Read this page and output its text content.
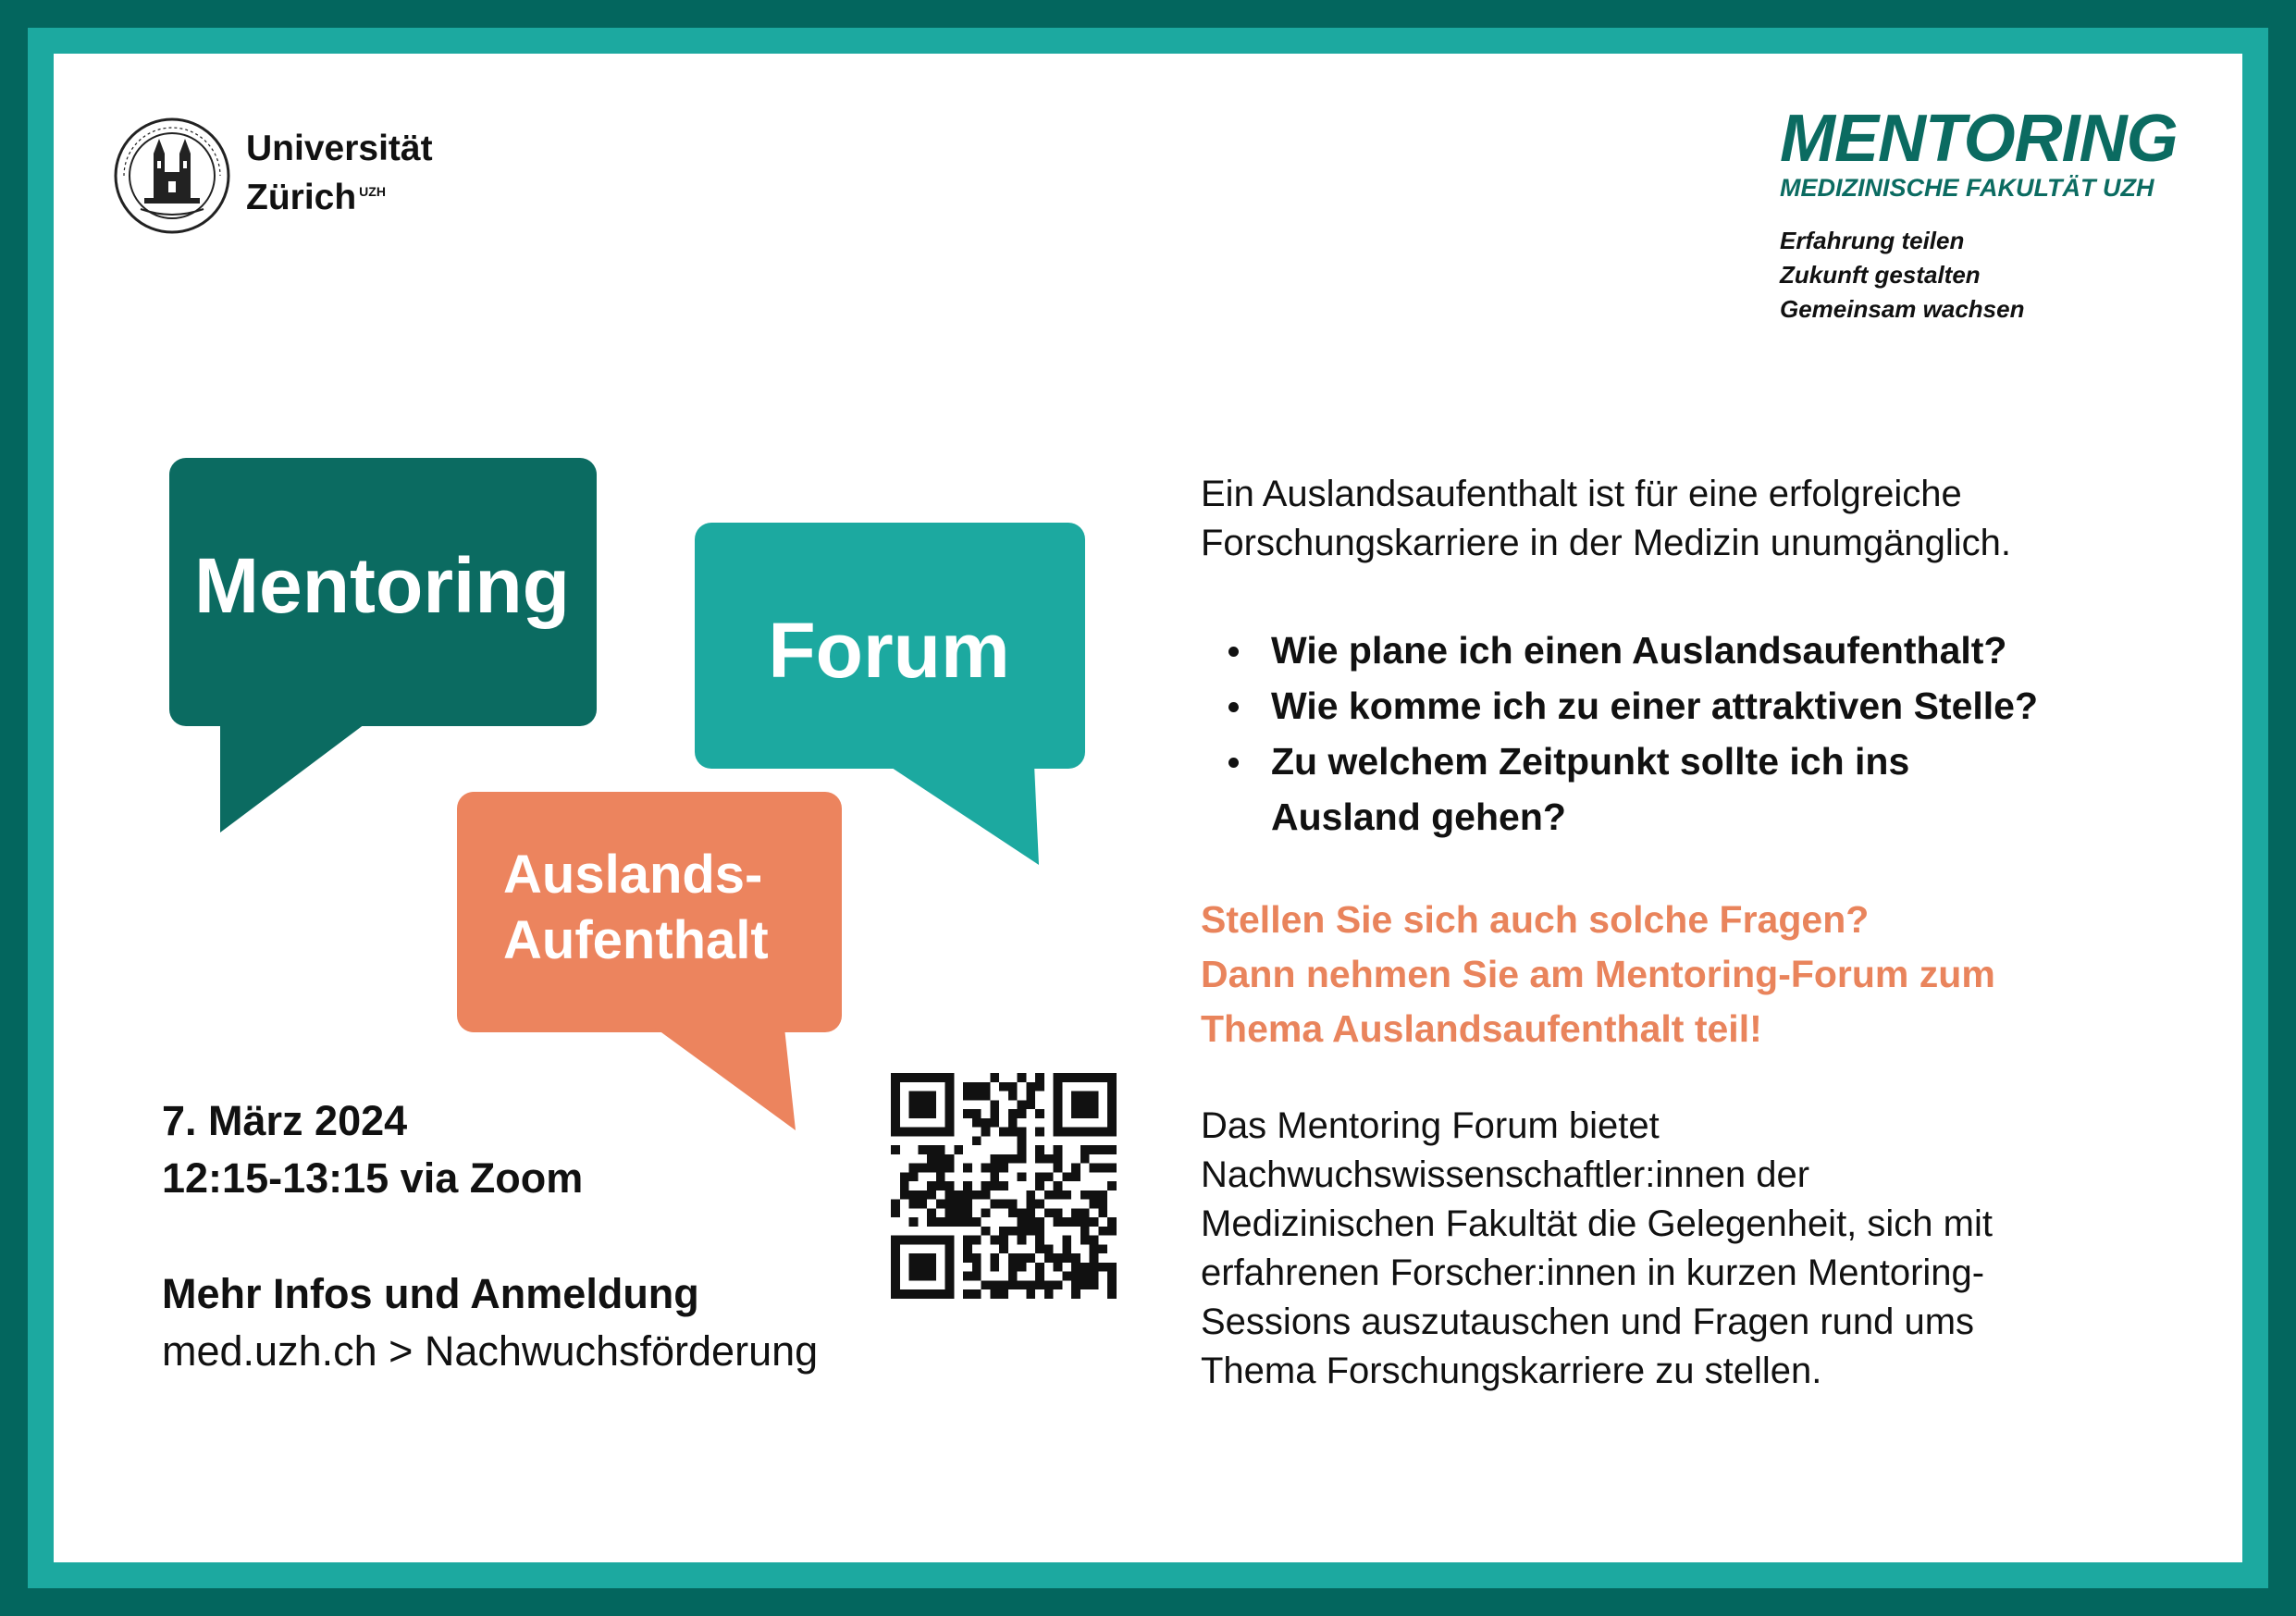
Universität
Zürich $^{UZH}$
MENTORING
MEDIZINISCHE FAKULTÄT UZH
Erfahrung teilen
Zukunft gestalten
Gemeinsam wachsen
Mentoring
Forum
Auslands-
Aufenthalt
7. März 2024
12:15-13:15 via Zoom
Mehr Infos und Anmeldung
med.uzh.ch > Nachwuchsförderung
Ein Auslandsaufenthalt ist für eine erfolgreiche
Forschungskarriere in der Medizin unumgänglich.
Wie plane ich einen Auslandsaufenthalt?
Wie komme ich zu einer attraktiven Stelle?
Zu welchem Zeitpunkt sollte ich ins
Ausland gehen?
Stellen Sie sich auch solche Fragen?
Dann nehmen Sie am Mentoring-Forum zum
Thema Auslandsaufenthalt teil!
Das Mentoring Forum bietet
Nachwuchswissenschaftler:innen der
Medizinischen Fakultät die Gelegenheit, sich mit
erfahrenen Forscher:innen in kurzen Mentoring-
Sessions auszutauschen und Fragen rund ums
Thema Forschungskarriere zu stellen.
